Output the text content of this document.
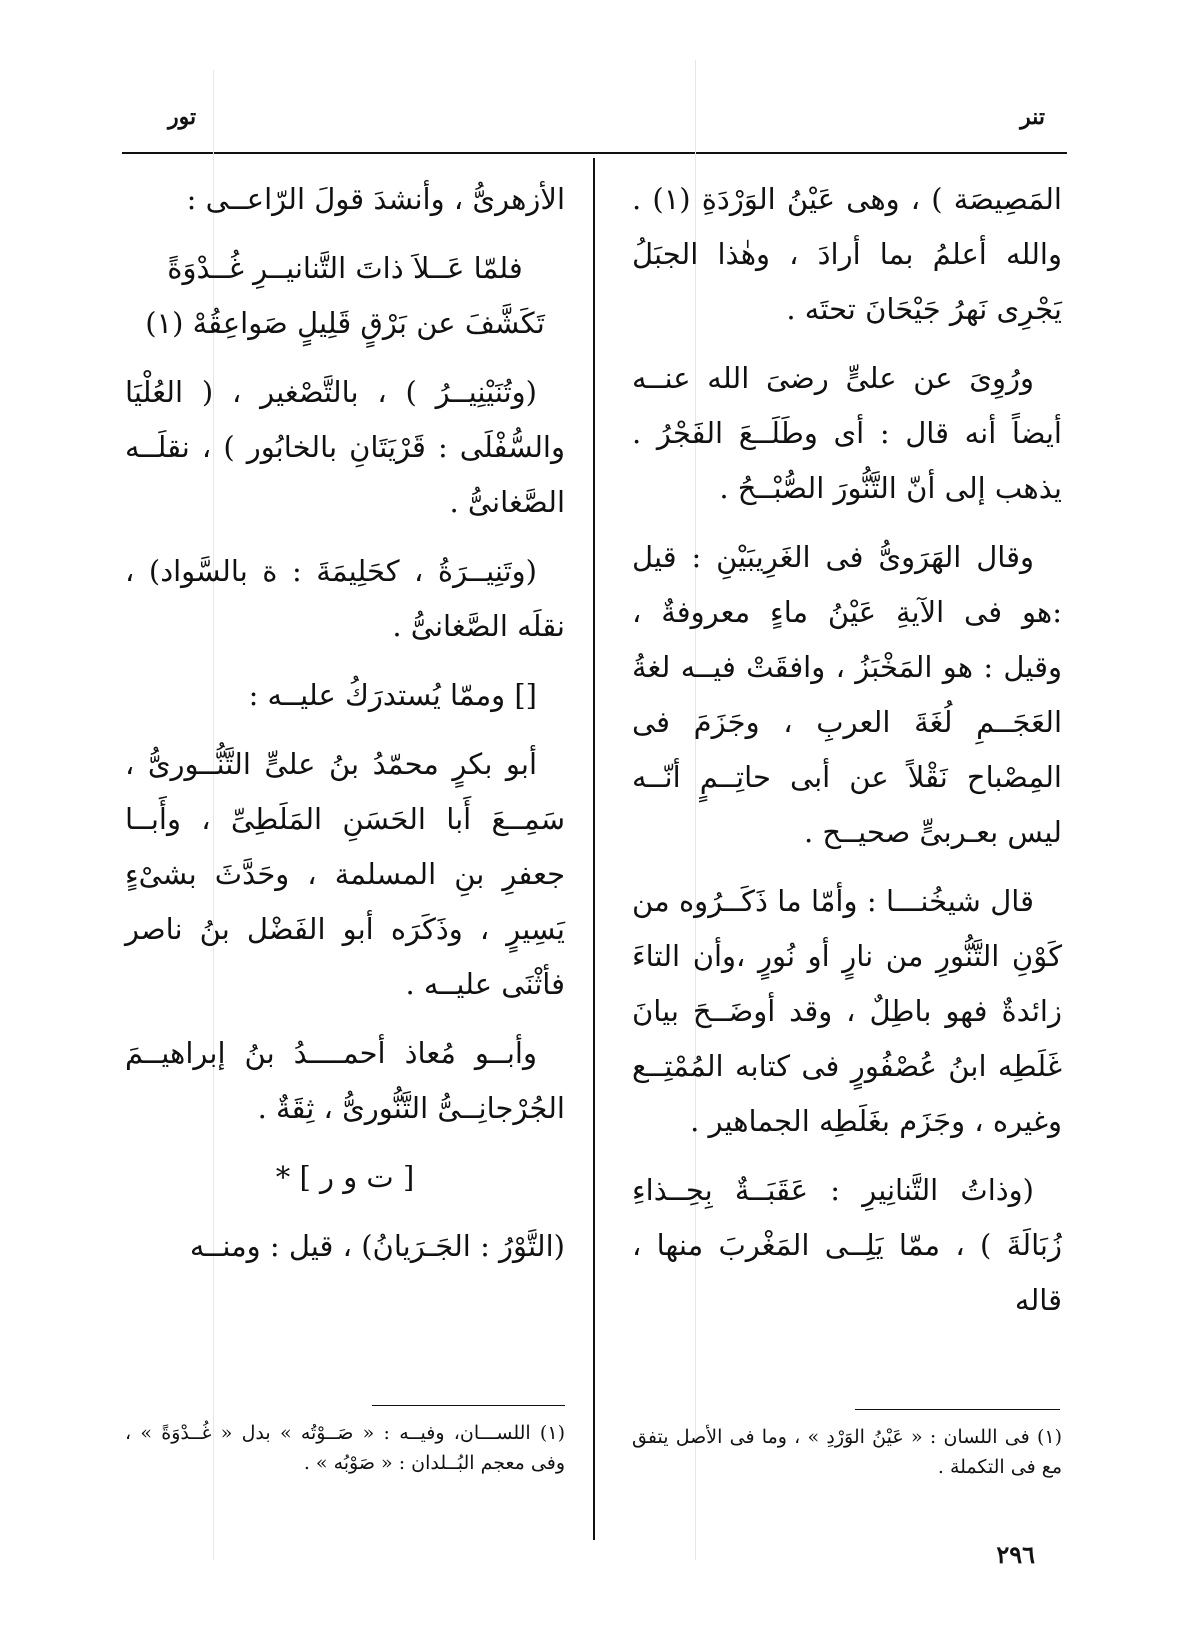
تنر
تور

المَصِيصَة ) ، وهى عَيْنُ الوَرْدَةِ (١) . والله أعلمُ بما أرادَ ، وهٰذا الجبَلُ يَجْرِى نَهرُ جَيْحَانَ تحتَه .

ورُوِىَ عن علىٍّ رضىَ الله عنــه أيضاً أنه قال : أى وطَلَــعَ الفَجْرُ . يذهب إلى أنّ التَّنُّورَ الصُّبْــحُ .

وقال الهَرَوىُّ فى الغَرِيبَيْنِ : قيل :هو فى الآيةِ عَيْنُ ماءٍ معروفةٌ ، وقيل : هو المَخْبَزُ ، وافقَتْ فيــه لغةُ العَجَــمِ لُغَةَ العربِ ، وجَزَمَ فى المِصْباح نَقْلاً عن أبى حاتِــمٍ أنّــه ليس بعـربىٍّ صحيــح .

قال شيخُنـــا : وأمّا ما ذَكَــرُوه من كَوْنِ التَّنُّورِ من نارٍ أو نُورٍ ،وأن التاءَ زائدةٌ فهو باطِلٌ ، وقد أوضَــحَ بيانَ غَلَطِه ابنُ عُصْفُورٍ فى كتابه المُمْتِــع وغيره ، وجَزَم بغَلَطِه الجماهير .

(وذاتُ التَّنانِيرِ : عَقَبَــةٌ بِحِــذاءِ زُبَالَةَ ) ، ممّا يَلِــى المَغْربَ منها ، قاله

(١) فى اللسان : « عَيْنُ الوَرْدِ » ، وما فى الأصل يتفق مع فى التكملة .

الأزهرىُّ ، وأنشدَ قولَ الرّاعــى :

فلمّا عَــلاَ ذاتَ التَّنانيــرِ غُــدْوَةً

تَكَشَّفَ عن بَرْقٍ قَلِيلٍ صَواعِقُهْ (١)

(وتُنَيْنِيــرُ ) ، بالتَّصْغير ، ( العُلْيَا والسُّفْلَى : قَرْيَتَانِ بالخابُور ) ، نقلَــه الصَّغانىُّ .

(وتَنِيــرَةُ ، كحَلِيمَةَ : ة بالسَّواد) ، نقلَه الصَّغانىُّ .

[] وممّا يُستدرَكُ عليــه :

أبو بكرٍ محمّدُ بنُ علىٍّ التَّنُّــورىُّ ، سَمِــعَ أَبا الحَسَنِ المَلَطِىِّ ، وأَبــا جعفرِ بنِ المسلمة ، وحَدَّثَ بشىْءٍ يَسِيرٍ ، وذَكَرَه أبو الفَضْل بنُ ناصر فأثْنَى عليــه .

وأبــو مُعاذ أحمــــدُ بنُ إبراهيــمَ الجُرْجانِــىُّ التَّنُّورىُّ ، ثِقَةٌ .

[ ت و ر ] *

(التَّوْرُ : الجَـرَيانُ) ، قيل : ومنــه

(١) اللســـان، وفيــه : « صَــوْتُه » بدل « غُــدْوَةً » ، وفى معجم البُــلدان : « صَوْبُه » .
٢٩٦
